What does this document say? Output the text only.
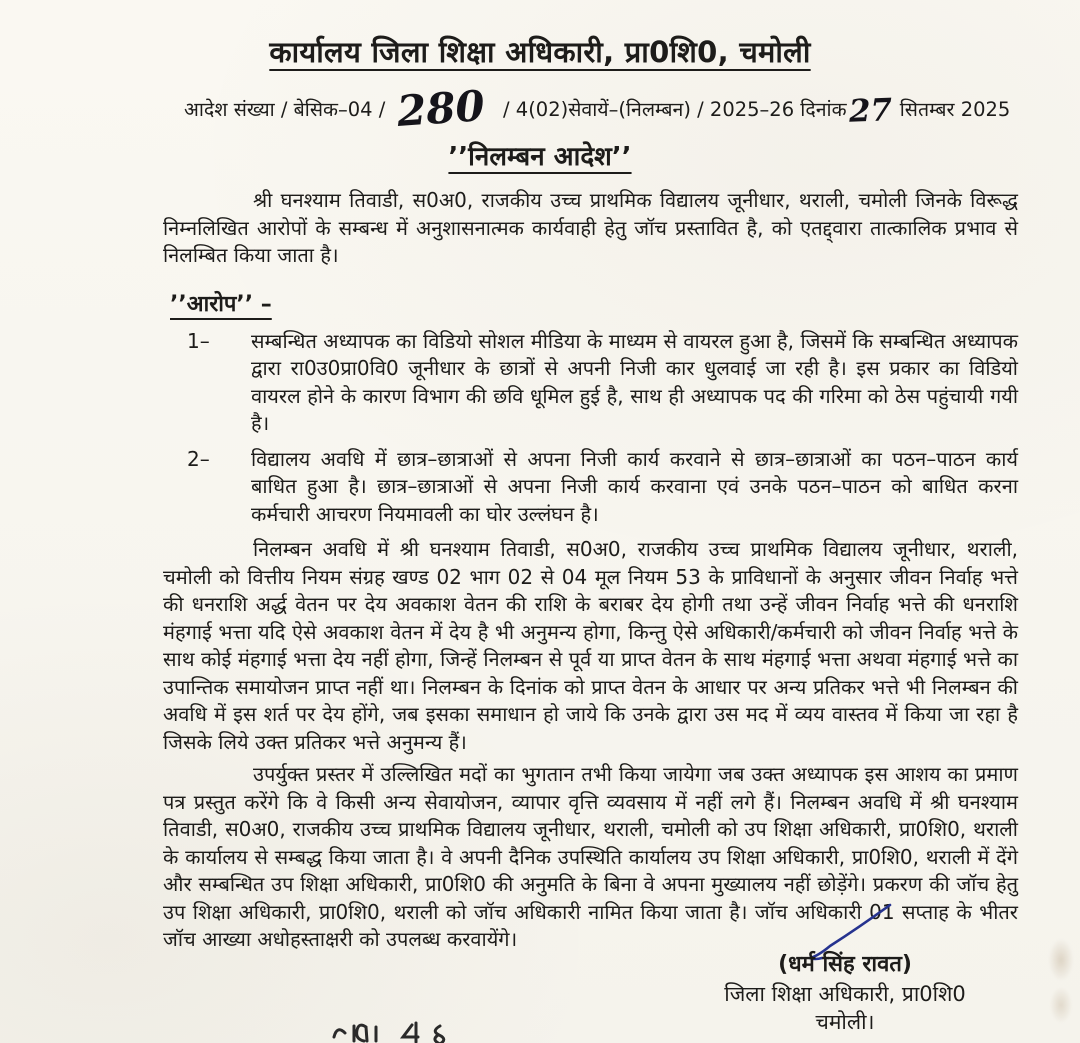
कार्यालय जिला शिक्षा अधिकारी, प्रा0शि0, चमोली
आदेश संख्या / बेसिक–04 / 280 / 4(02)सेवायें–(निलम्बन) / 2025–26 दिनांक 27 सितम्बर 2025
’’निलम्बन आदेश’’

श्री घनश्याम तिवाडी, स0अ0, राजकीय उच्च प्राथमिक विद्यालय जूनीधार, थराली, चमोली जिनके विरूद्ध निम्नलिखित आरोपों के सम्बन्ध में अनुशासनात्मक कार्यवाही हेतु जॉच प्रस्तावित है, को एतद्द्वारा तात्कालिक प्रभाव से निलम्बित किया जाता है।

’’आरोप’’ –
1–	सम्बन्धित अध्यापक का विडियो सोशल मीडिया के माध्यम से वायरल हुआ है, जिसमें कि सम्बन्धित अध्यापक द्वारा रा0उ0प्रा0वि0 जूनीधार के छात्रों से अपनी निजी कार धुलवाई जा रही है। इस प्रकार का विडियो वायरल होने के कारण विभाग की छवि धूमिल हुई है, साथ ही अध्यापक पद की गरिमा को ठेस पहुंचायी गयी है।

2–	विद्यालय अवधि में छात्र–छात्राओं से अपना निजी कार्य करवाने से छात्र–छात्राओं का पठन–पाठन कार्य बाधित हुआ है। छात्र–छात्राओं से अपना निजी कार्य करवाना एवं उनके पठन–पाठन को बाधित करना कर्मचारी आचरण नियमावली का घोर उल्लंघन है।

निलम्बन अवधि में श्री घनश्याम तिवाडी, स0अ0, राजकीय उच्च प्राथमिक विद्यालय जूनीधार, थराली, चमोली को वित्तीय नियम संग्रह खण्ड 02 भाग 02 से 04 मूल नियम 53 के प्राविधानों के अनुसार जीवन निर्वाह भत्ते की धनराशि अर्द्ध वेतन पर देय अवकाश वेतन की राशि के बराबर देय होगी तथा उन्हें जीवन निर्वाह भत्ते की धनराशि मंहगाई भत्ता यदि ऐसे अवकाश वेतन में देय है भी अनुमन्य होगा, किन्तु ऐसे अधिकारी/कर्मचारी को जीवन निर्वाह भत्ते के साथ कोई मंहगाई भत्ता देय नहीं होगा, जिन्हें निलम्बन से पूर्व या प्राप्त वेतन के साथ मंहगाई भत्ता अथवा मंहगाई भत्ते का उपान्तिक समायोजन प्राप्त नहीं था। निलम्बन के दिनांक को प्राप्त वेतन के आधार पर अन्य प्रतिकर भत्ते भी निलम्बन की अवधि में इस शर्त पर देय होंगे, जब इसका समाधान हो जाये कि उनके द्वारा उस मद में व्यय वास्तव में किया जा रहा है जिसके लिये उक्त प्रतिकर भत्ते अनुमन्य हैं।

उपर्युक्त प्रस्तर में उल्लिखित मदों का भुगतान तभी किया जायेगा जब उक्त अध्यापक इस आशय का प्रमाण पत्र प्रस्तुत करेंगे कि वे किसी अन्य सेवायोजन, व्यापार वृत्ति व्यवसाय में नहीं लगे हैं। निलम्बन अवधि में श्री घनश्याम तिवाडी, स0अ0, राजकीय उच्च प्राथमिक विद्यालय जूनीधार, थराली, चमोली को उप शिक्षा अधिकारी, प्रा0शि0, थराली के कार्यालय से सम्बद्ध किया जाता है। वे अपनी दैनिक उपस्थिति कार्यालय उप शिक्षा अधिकारी, प्रा0शि0, थराली में देंगे और सम्बन्धित उप शिक्षा अधिकारी, प्रा0शि0 की अनुमति के बिना वे अपना मुख्यालय नहीं छोड़ेंगे। प्रकरण की जॉच हेतु उप शिक्षा अधिकारी, प्रा0शि0, थराली को जॉच अधिकारी नामित किया जाता है। जॉच अधिकारी 01 सप्ताह के भीतर जॉच आख्या अधोहस्ताक्षरी को उपलब्ध करवायेंगे।

(धर्म सिंह रावत)
जिला शिक्षा अधिकारी, प्रा0शि0
चमोली।
